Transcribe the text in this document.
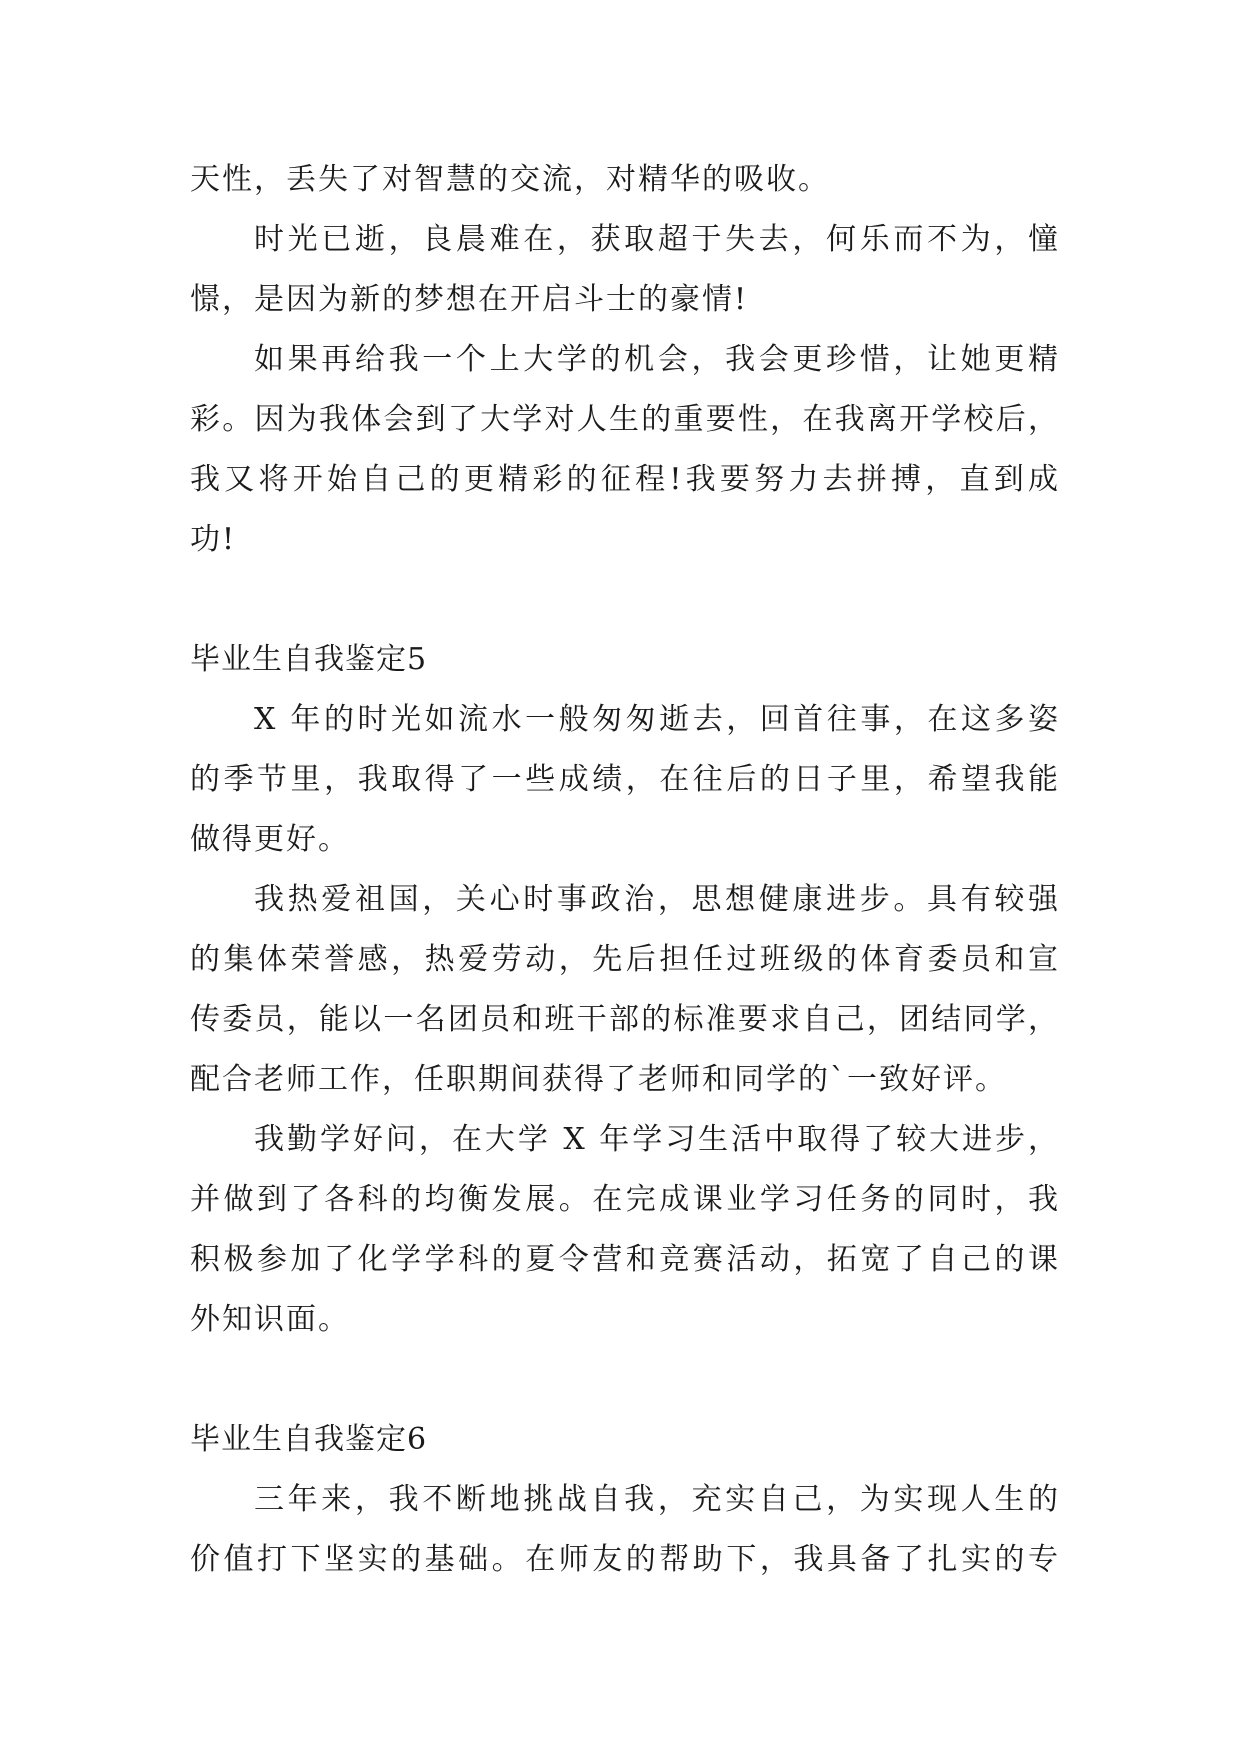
天性，丢失了对智慧的交流，对精华的吸收。
时光已逝，良晨难在，获取超于失去，何乐而不为，憧
憬，是因为新的梦想在开启斗士的豪情!
如果再给我一个上大学的机会，我会更珍惜，让她更精
彩。因为我体会到了大学对人生的重要性，在我离开学校后，
我又将开始自己的更精彩的征程!我要努力去拼搏，直到成
功!
毕业生自我鉴定5
X 年的时光如流水一般匆匆逝去，回首往事，在这多姿
的季节里，我取得了一些成绩，在往后的日子里，希望我能
做得更好。
我热爱祖国，关心时事政治，思想健康进步。具有较强
的集体荣誉感，热爱劳动，先后担任过班级的体育委员和宣
传委员，能以一名团员和班干部的标准要求自己，团结同学，
配合老师工作，任职期间获得了老师和同学的`一致好评。
我勤学好问，在大学 X 年学习生活中取得了较大进步，
并做到了各科的均衡发展。在完成课业学习任务的同时，我
积极参加了化学学科的夏令营和竞赛活动，拓宽了自己的课
外知识面。
毕业生自我鉴定6
三年来，我不断地挑战自我，充实自己，为实现人生的
价值打下坚实的基础。在师友的帮助下，我具备了扎实的专
